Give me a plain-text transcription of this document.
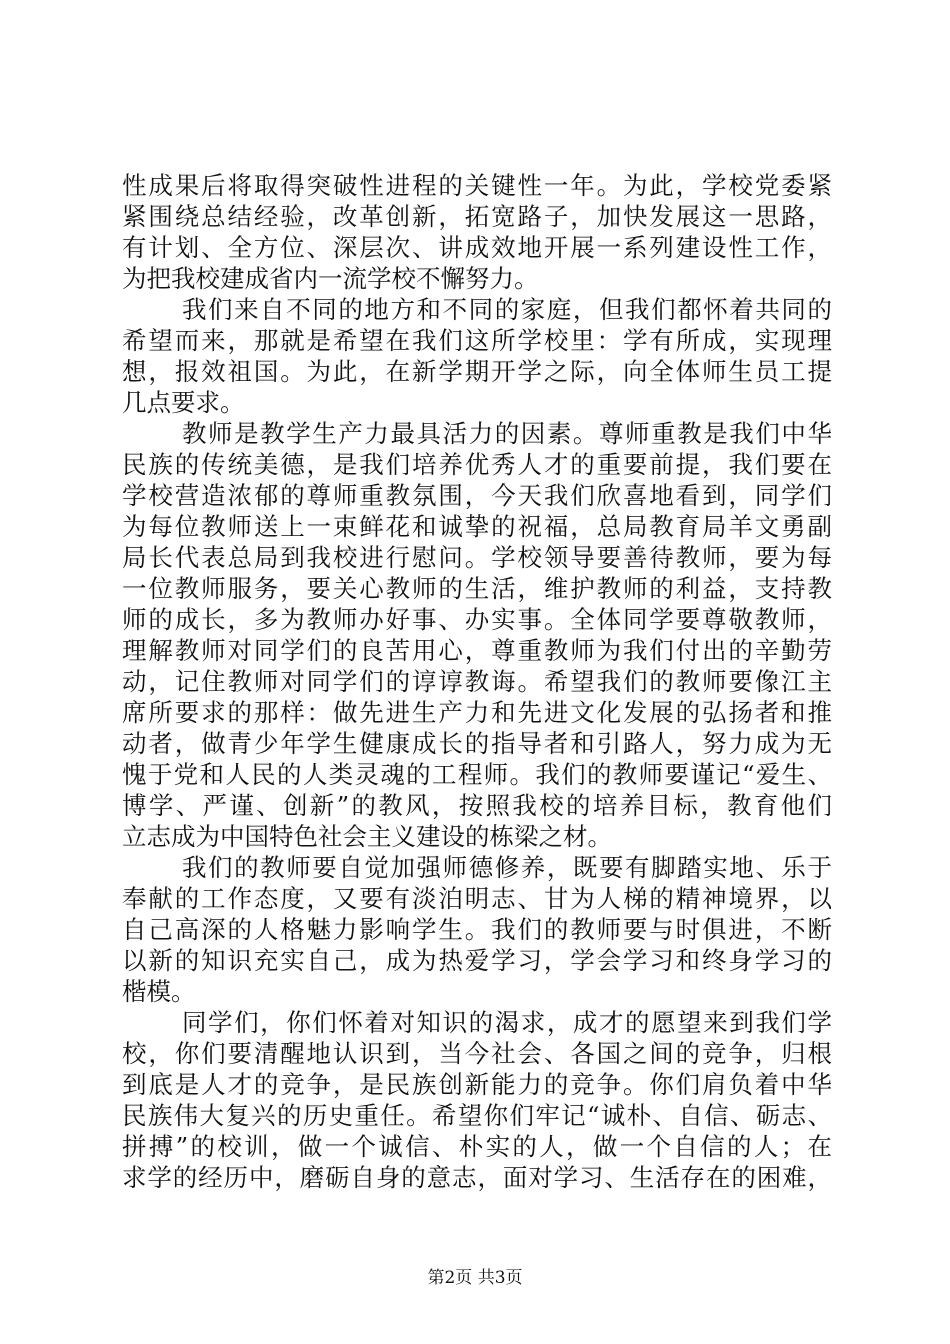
性成果后将取得突破性进程的关键性一年。为此，学校党委紧
紧围绕总结经验，改革创新，拓宽路子，加快发展这一思路，
有计划、全方位、深层次、讲成效地开展一系列建设性工作，
为把我校建成省内一流学校不懈努力。
我们来自不同的地方和不同的家庭，但我们都怀着共同的
希望而来，那就是希望在我们这所学校里：学有所成，实现理
想，报效祖国。为此，在新学期开学之际，向全体师生员工提
几点要求。
教师是教学生产力最具活力的因素。尊师重教是我们中华
民族的传统美德，是我们培养优秀人才的重要前提，我们要在
学校营造浓郁的尊师重教氛围，今天我们欣喜地看到，同学们
为每位教师送上一束鲜花和诚挚的祝福，总局教育局羊文勇副
局长代表总局到我校进行慰问。学校领导要善待教师，要为每
一位教师服务，要关心教师的生活，维护教师的利益，支持教
师的成长，多为教师办好事、办实事。全体同学要尊敬教师，
理解教师对同学们的良苦用心，尊重教师为我们付出的辛勤劳
动，记住教师对同学们的谆谆教诲。希望我们的教师要像江主
席所要求的那样：做先进生产力和先进文化发展的弘扬者和推
动者，做青少年学生健康成长的指导者和引路人，努力成为无
愧于党和人民的人类灵魂的工程师。我们的教师要谨记“爱生、
博学、严谨、创新”的教风，按照我校的培养目标，教育他们
立志成为中国特色社会主义建设的栋梁之材。
我们的教师要自觉加强师德修养，既要有脚踏实地、乐于
奉献的工作态度，又要有淡泊明志、甘为人梯的精神境界，以
自己高深的人格魅力影响学生。我们的教师要与时俱进，不断
以新的知识充实自己，成为热爱学习，学会学习和终身学习的
楷模。
同学们，你们怀着对知识的渴求，成才的愿望来到我们学
校，你们要清醒地认识到，当今社会、各国之间的竞争，归根
到底是人才的竞争，是民族创新能力的竞争。你们肩负着中华
民族伟大复兴的历史重任。希望你们牢记“诚朴、自信、砺志、
拼搏”的校训，做一个诚信、朴实的人，做一个自信的人；在
求学的经历中，磨砺自身的意志，面对学习、生活存在的困难，
第2页 共3页
